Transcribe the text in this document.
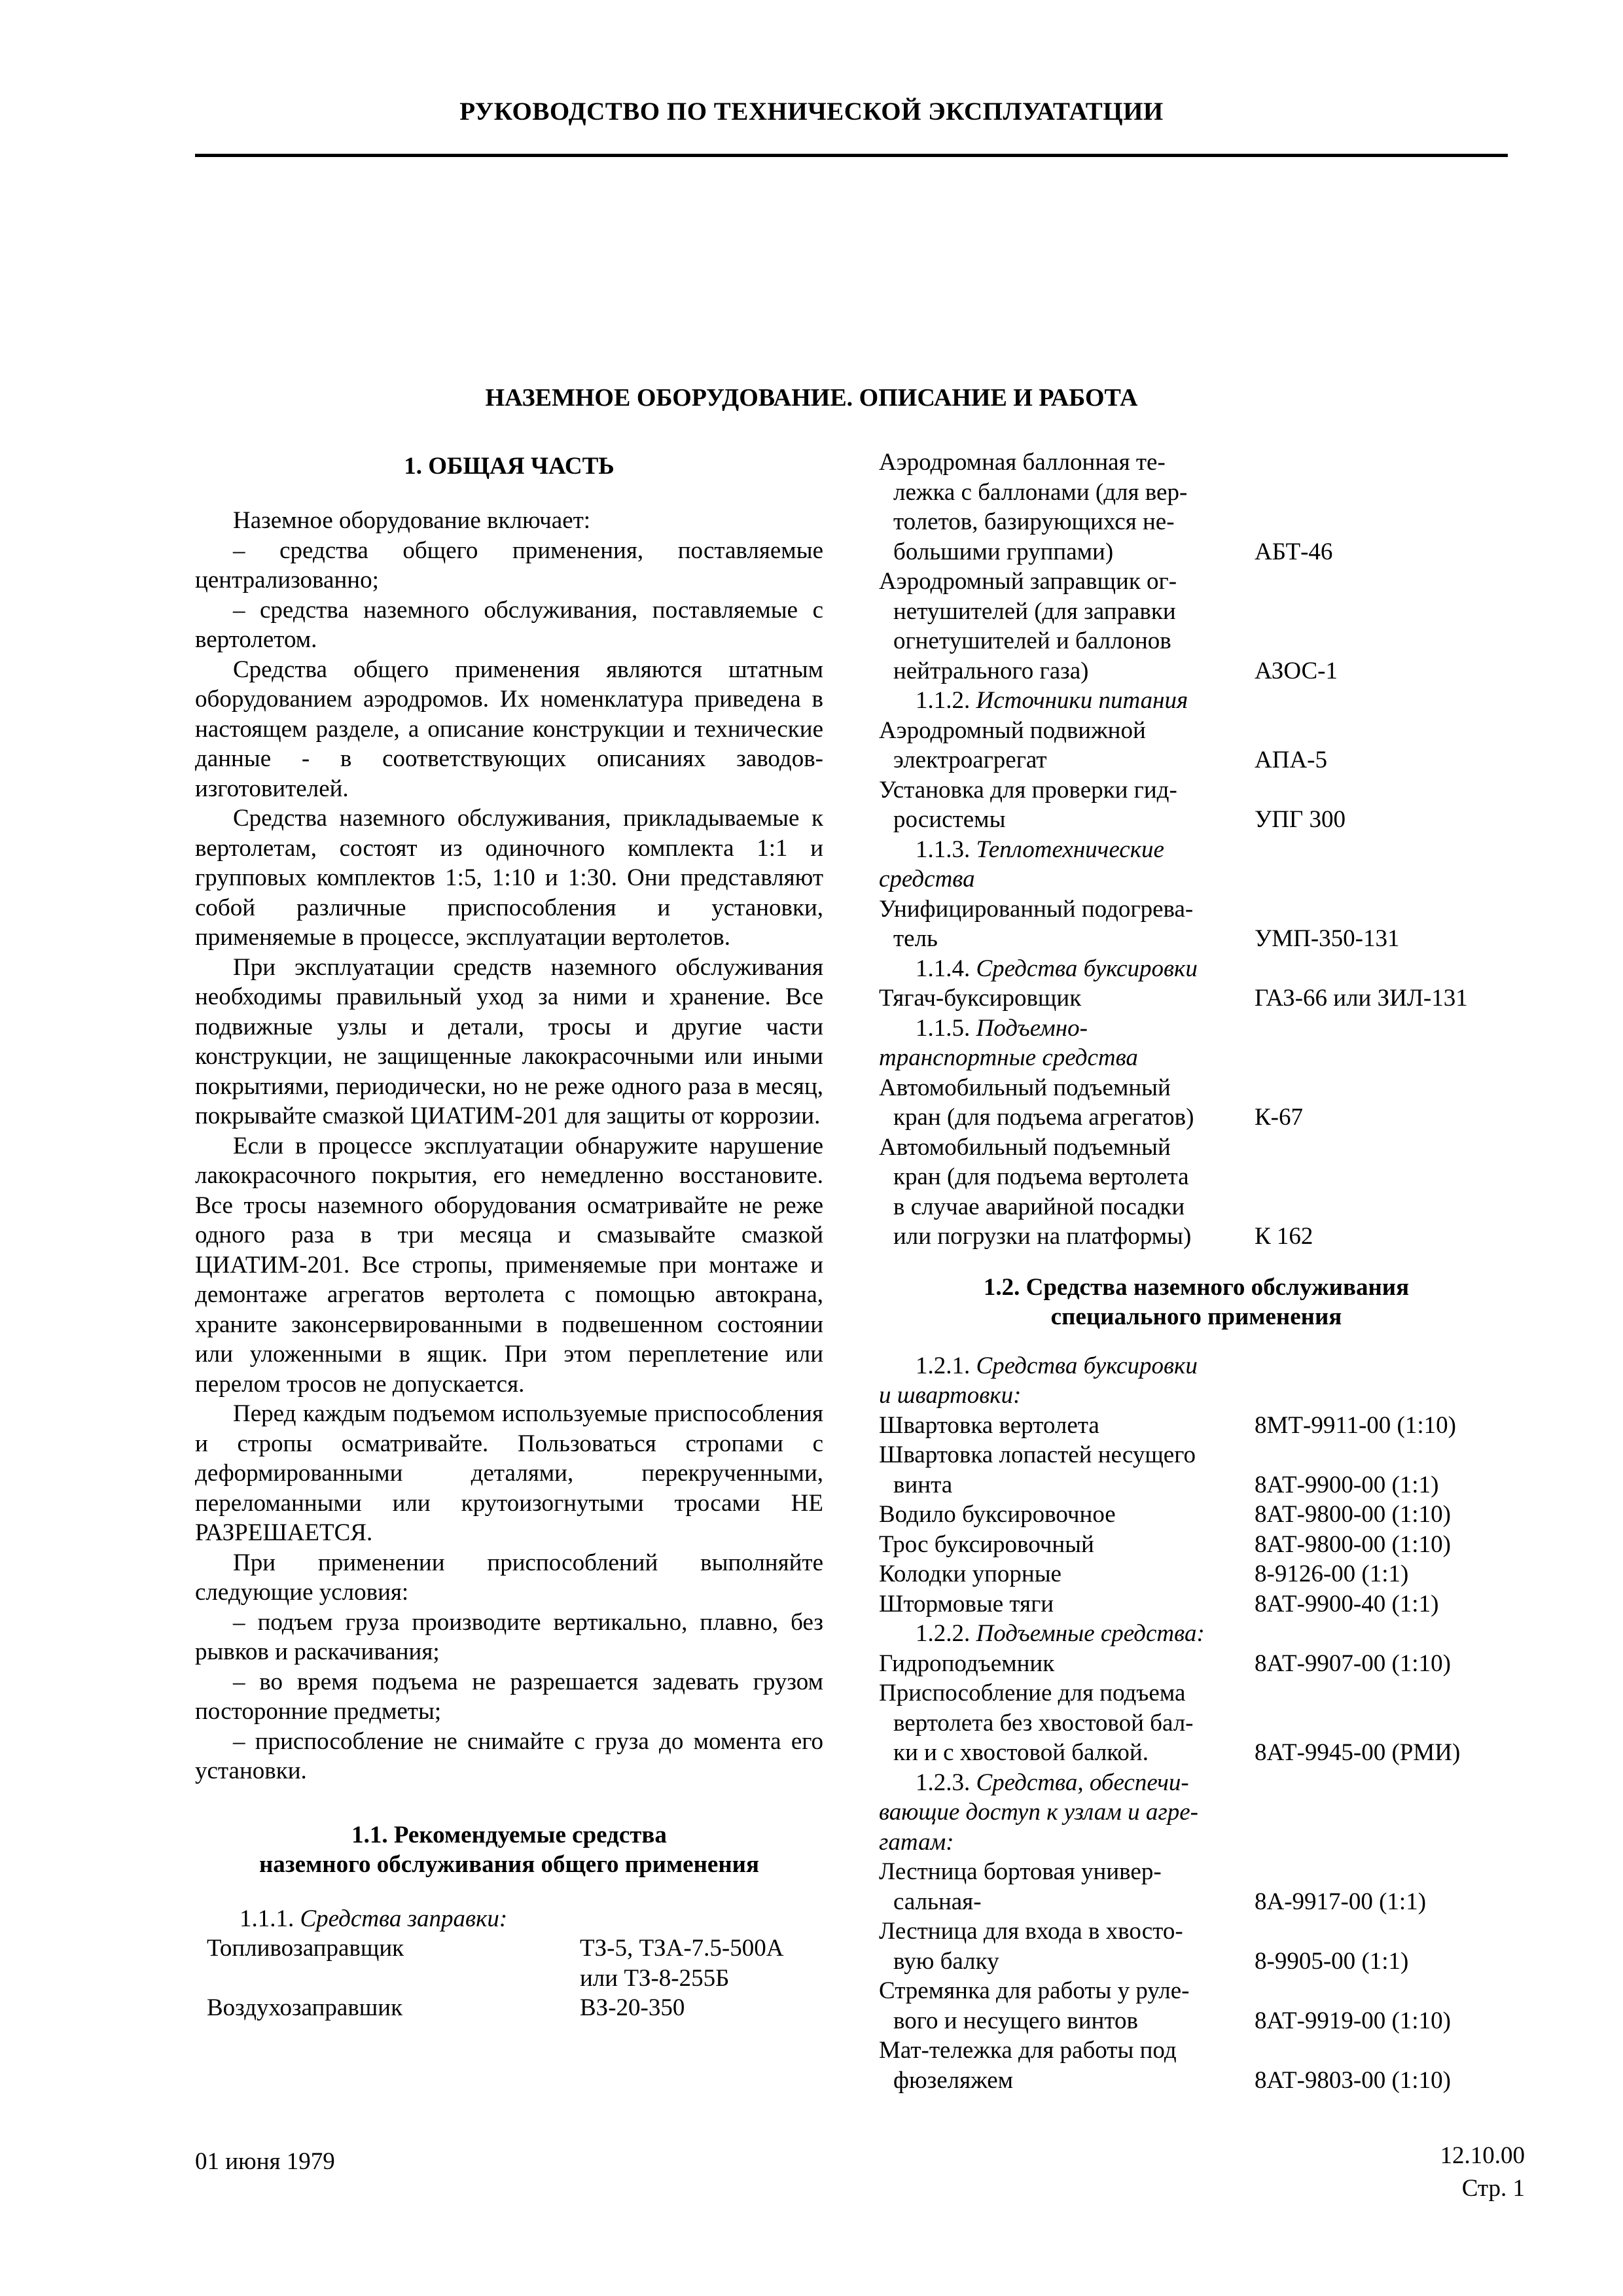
РУКОВОДСТВО ПО ТЕХНИЧЕСКОЙ ЭКСПЛУАТАТЦИИ
НАЗЕМНОЕ ОБОРУДОВАНИЕ. ОПИСАНИЕ И РАБОТА
1. ОБЩАЯ ЧАСТЬ

Наземное оборудование включает:

– средства общего применения, поставляемые централизованно;

– средства наземного обслуживания, поставляемые с вертолетом.

Средства общего применения являются штатным оборудованием аэродромов. Их номенклатура приведена в настоящем разделе, а описание конструкции и технические данные - в соответствующих описаниях заводов-изготовителей.

Средства наземного обслуживания, прикладываемые к вертолетам, состоят из одиночного комплекта 1:1 и групповых комплектов 1:5, 1:10 и 1:30. Они представляют собой различные приспособления и установки, применяемые в процессе, эксплуатации вертолетов.

При эксплуатации средств наземного обслуживания необходимы правильный уход за ними и хранение. Все подвижные узлы и детали, тросы и другие части конструкции, не защищенные лакокрасочными или иными покрытиями, периодически, но не реже одного раза в месяц, покрывайте смазкой ЦИАТИМ-201 для защиты от коррозии.

Если в процессе эксплуатации обнаружите нарушение лакокрасочного покрытия, его немедленно восстановите. Все тросы наземного оборудования осматривайте не реже одного раза в три месяца и смазывайте смазкой ЦИАТИМ-201. Все стропы, применяемые при монтаже и демонтаже агрегатов вертолета с помощью автокрана, храните законсервированными в подвешенном состоянии или уложенными в ящик. При этом переплетение или перелом тросов не допускается.

Перед каждым подъемом используемые приспособления и стропы осматривайте. Пользоваться стропами с деформированными деталями, перекрученными, переломанными или крутоизогнутыми тросами НЕ РАЗРЕШАЕТСЯ.

При применении приспособлений выполняйте следующие условия:

– подъем груза производите вертикально, плавно, без рывков и раскачивания;

– во время подъема не разрешается задевать грузом посторонние предметы;

– приспособление не снимайте с груза до момента его установки.

1.1. Рекомендуемые средства
наземного обслуживания общего применения
1.1.1. Средства заправки:
Топливозаправщик	ТЗ-5, ТЗА-7.5-500А
или ТЗ-8-255Б
Воздухозаправшик	ВЗ-20-350
Аэродромная баллонная те-
лежка с баллонами (для вер-
толетов, базирующихся не-
большими группами)	АБТ-46
Аэродромный заправщик ог-
нетушителей (для заправки
огнетушителей и баллонов
нейтрального газа)	АЗОС-1
1.1.2. Источники питания
Аэродромный подвижной
электроагрегат	АПА-5
Установка для проверки гид-
росистемы	УПГ 300
1.1.3. Теплотехнические
средства
Унифицированный подогрева-
тель	УМП-350-131
1.1.4. Средства буксировки
Тягач-буксировщик	ГАЗ-66 или ЗИЛ-131
1.1.5. Подъемно-
транспортные средства
Автомобильный подъемный
кран (для подъема агрегатов)	К-67
Автомобильный подъемный
кран (для подъема вертолета
в случае аварийной посадки
или погрузки на платформы)	К 162
1.2. Средства наземного обслуживания
специального применения
1.2.1. Средства буксировки
и швартовки:
Швартовка вертолета	8МТ-9911-00 (1:10)
Швартовка лопастей несущего
винта	8АТ-9900-00 (1:1)
Водило буксировочное	8АТ-9800-00 (1:10)
Трос буксировочный	8АТ-9800-00 (1:10)
Колодки упорные	8-9126-00 (1:1)
Штормовые тяги	8АТ-9900-40 (1:1)
1.2.2. Подъемные средства:
Гидроподъемник	8АТ-9907-00 (1:10)
Приспособление для подъема
вертолета без хвостовой бал-
ки и с хвостовой балкой.	8АТ-9945-00 (РМИ)
1.2.3. Средства, обеспечи-
вающие доступ к узлам и агре-
гатам:
Лестница бортовая универ-
сальная-	8А-9917-00 (1:1)
Лестница для входа в хвосто-
вую балку	8-9905-00 (1:1)
Стремянка для работы у руле-
вого и несущего винтов	8АТ-9919-00 (1:10)
Мат-тележка для работы под
фюзеляжем	8АТ-9803-00 (1:10)
01 июня 1979	12.10.00
Стр. 1
